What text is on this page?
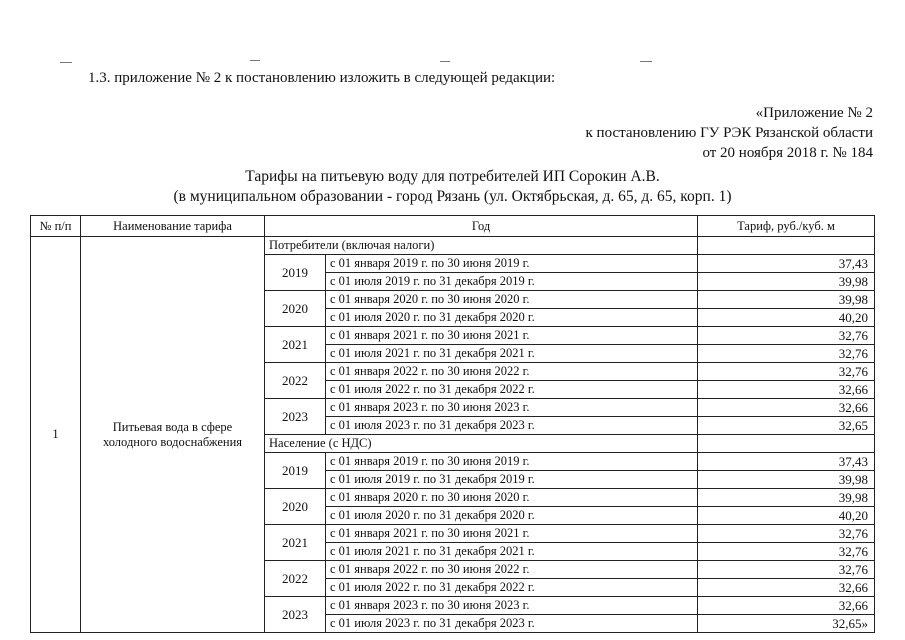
1.3. приложение № 2 к постановлению изложить в следующей редакции:
«Приложение № 2
к постановлению ГУ РЭК Рязанской области
от 20 ноября 2018 г. № 184
Тарифы на питьевую воду для потребителей ИП Сорокин А.В.
(в муниципальном образовании - город Рязань (ул. Октябрьская, д. 65, д. 65, корп. 1)
№ п/п	Наименование тарифа	Год		Тариф, руб./куб. м
1	Питьевая вода в сфере холодного водоснабжения	Потребители (включая налоги)		
		2019	с 01 января 2019 г. по 30 июня 2019 г.	37,43
			с 01 июля 2019 г. по 31 декабря 2019 г.	39,98
		2020	с 01 января 2020 г. по 30 июня 2020 г.	39,98
			с 01 июля 2020 г. по 31 декабря 2020 г.	40,20
		2021	с 01 января 2021 г. по 30 июня 2021 г.	32,76
			с 01 июля 2021 г. по 31 декабря 2021 г.	32,76
		2022	с 01 января 2022 г. по 30 июня 2022 г.	32,76
			с 01 июля 2022 г. по 31 декабря 2022 г.	32,66
		2023	с 01 января 2023 г. по 30 июня 2023 г.	32,66
			с 01 июля 2023 г. по 31 декабря 2023 г.	32,65
		Население (с НДС)		
		2019	с 01 января 2019 г. по 30 июня 2019 г.	37,43
			с 01 июля 2019 г. по 31 декабря 2019 г.	39,98
		2020	с 01 января 2020 г. по 30 июня 2020 г.	39,98
			с 01 июля 2020 г. по 31 декабря 2020 г.	40,20
		2021	с 01 января 2021 г. по 30 июня 2021 г.	32,76
			с 01 июля 2021 г. по 31 декабря 2021 г.	32,76
		2022	с 01 января 2022 г. по 30 июня 2022 г.	32,76
			с 01 июля 2022 г. по 31 декабря 2022 г.	32,66
		2023	с 01 января 2023 г. по 30 июня 2023 г.	32,66
			с 01 июля 2023 г. по 31 декабря 2023 г.	32,65»
